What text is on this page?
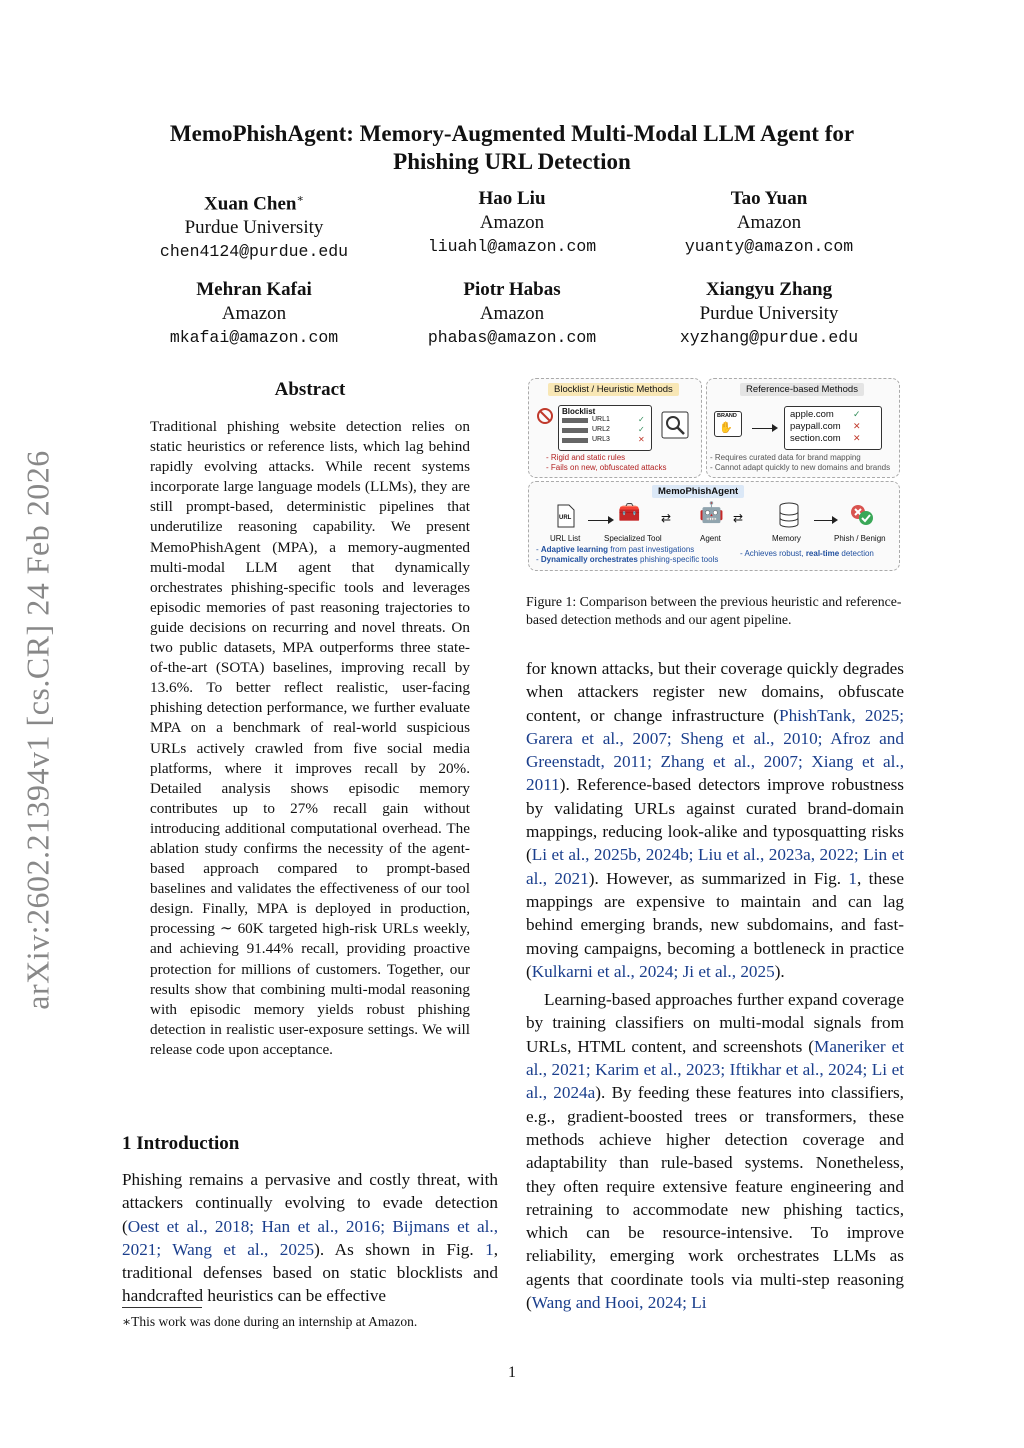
arXiv:2602.21394v1 [cs.CR] 24 Feb 2026
MemoPhishAgent: Memory-Augmented Multi-Modal LLM Agent for
Phishing URL Detection
Xuan Chen∗
Purdue University
chen4124@purdue.edu
Hao Liu
Amazon
liuahl@amazon.com
Tao Yuan
Amazon
yuanty@amazon.com
Mehran Kafai
Amazon
mkafai@amazon.com
Piotr Habas
Amazon
phabas@amazon.com
Xiangyu Zhang
Purdue University
xyzhang@purdue.edu
Abstract
Traditional phishing website detection relies on static heuristics or reference lists, which lag behind rapidly evolving attacks. While recent systems incorporate large language models (LLMs), they are still prompt-based, deterministic pipelines that underutilize reasoning capability. We present MemoPhishAgent (MPA), a memory-augmented multi-modal LLM agent that dynamically orchestrates phishing-specific tools and leverages episodic memories of past reasoning trajectories to guide decisions on recurring and novel threats. On two public datasets, MPA outperforms three state-of-the-art (SOTA) baselines, improving recall by 13.6%. To better reflect realistic, user-facing phishing detection performance, we further evaluate MPA on a benchmark of real-world suspicious URLs actively crawled from five social media platforms, where it improves recall by 20%. Detailed analysis shows episodic memory contributes up to 27% recall gain without introducing additional computational overhead. The ablation study confirms the necessity of the agent-based approach compared to prompt-based baselines and validates the effectiveness of our tool design. Finally, MPA is deployed in production, processing ∼ 60K targeted high-risk URLs weekly, and achieving 91.44% recall, providing proactive protection for millions of customers. Together, our results show that combining multi-modal reasoning with episodic memory yields robust phishing detection in realistic user-exposure settings. We will release code upon acceptance.
1 Introduction

Phishing remains a pervasive and costly threat, with attackers continually evolving to evade detection (Oest et al., 2018; Han et al., 2016; Bijmans et al., 2021; Wang et al., 2025). As shown in Fig. 1, traditional defenses based on static blocklists and handcrafted heuristics can be effective

∗This work was done during an internship at Amazon.
1
Blocklist / Heuristic Methods
Blocklist
URL1
URL2
URL3
✓
✓
✕
- Rigid and static rules
- Fails on new, obfuscated attacks
Reference-based Methods
BRAND
✋
apple.com
paypall.com
section.com
✓
✕
✕
- Requires curated data for brand mapping
- Cannot adapt quickly to new domains and brands
MemoPhishAgent
URL	🧰 ⇄ 🤖 ⇄
URL List	Specialized Tool	Agent	Memory	Phish / Benign
- Adaptive learning from past investigations
- Dynamically orchestrates phishing-specific tools
- Achieves robust, real-time detection
Figure 1: Comparison between the previous heuristic and reference-based detection methods and our agent pipeline.

for known attacks, but their coverage quickly degrades when attackers register new domains, obfuscate content, or change infrastructure (PhishTank, 2025; Garera et al., 2007; Sheng et al., 2010; Afroz and Greenstadt, 2011; Zhang et al., 2007; Xiang et al., 2011). Reference-based detectors improve robustness by validating URLs against curated brand-domain mappings, reducing look-alike and typosquatting risks (Li et al., 2025b, 2024b; Liu et al., 2023a, 2022; Lin et al., 2021). However, as summarized in Fig. 1, these mappings are expensive to maintain and can lag behind emerging brands, new subdomains, and fast-moving campaigns, becoming a bottleneck in practice (Kulkarni et al., 2024; Ji et al., 2025).

Learning-based approaches further expand coverage by training classifiers on multi-modal signals from URLs, HTML content, and screenshots (Maneriker et al., 2021; Karim et al., 2023; Iftikhar et al., 2024; Li et al., 2024a). By feeding these features into classifiers, e.g., gradient-boosted trees or transformers, these methods achieve higher detection coverage and adaptability than rule-based systems. Nonetheless, they often require extensive feature engineering and retraining to accommodate new phishing tactics, which can be resource-intensive. To improve reliability, emerging work orchestrates LLMs as agents that coordinate tools via multi-step reasoning (Wang and Hooi, 2024; Li
